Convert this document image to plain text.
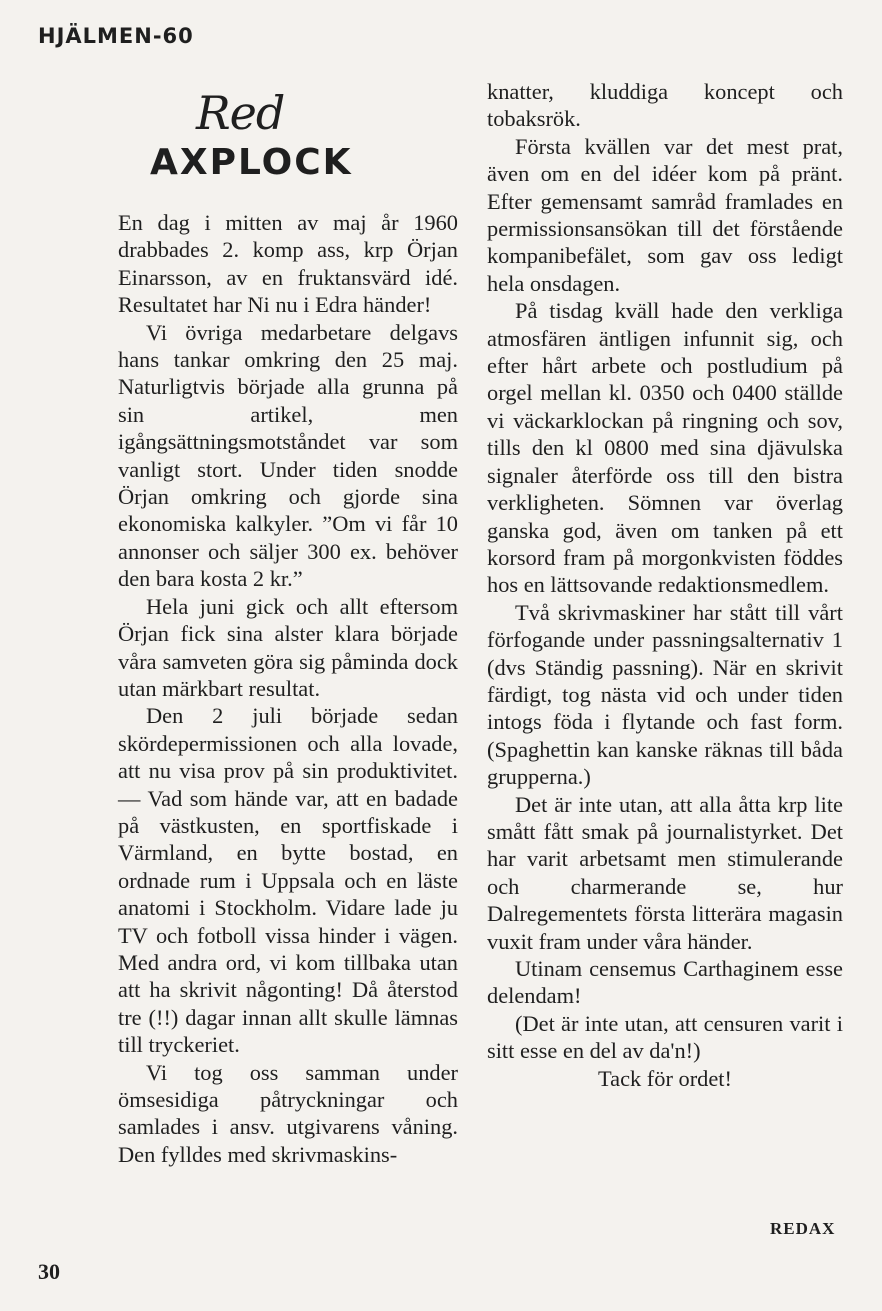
HJÄLMEN-60
Red
AXPLOCK

En dag i mitten av maj år 1960 drabbades 2. komp ass, krp Örjan Einarsson, av en fruktansvärd idé. Resultatet har Ni nu i Edra händer!

Vi övriga medarbetare delgavs hans tankar omkring den 25 maj. Naturligtvis började alla grunna på sin artikel, men igångsättningsmotståndet var som vanligt stort. Under tiden snodde Örjan omkring och gjorde sina ekonomiska kalkyler. ”Om vi får 10 annonser och säljer 300 ex. behöver den bara kosta 2 kr.”

Hela juni gick och allt eftersom Örjan fick sina alster klara började våra samveten göra sig påminda dock utan märkbart resultat.

Den 2 juli började sedan skördepermissionen och alla lovade, att nu visa prov på sin produktivitet. — Vad som hände var, att en badade på västkusten, en sportfiskade i Värmland, en bytte bostad, en ordnade rum i Uppsala och en läste anatomi i Stockholm. Vidare lade ju TV och fotboll vissa hinder i vägen. Med andra ord, vi kom tillbaka utan att ha skrivit någonting! Då återstod tre (!!) dagar innan allt skulle lämnas till tryckeriet.

Vi tog oss samman under ömsesidiga påtryckningar och samlades i ansv. utgivarens våning. Den fylldes med skrivmaskins-

knatter, kluddiga koncept och tobaksrök.

Första kvällen var det mest prat, även om en del idéer kom på pränt. Efter gemensamt samråd framlades en permissionsansökan till det förstående kompanibefälet, som gav oss ledigt hela onsdagen.

På tisdag kväll hade den verkliga atmosfären äntligen infunnit sig, och efter hårt arbete och postludium på orgel mellan kl. 0350 och 0400 ställde vi väckarklockan på ringning och sov, tills den kl 0800 med sina djävulska signaler återförde oss till den bistra verkligheten. Sömnen var överlag ganska god, även om tanken på ett korsord fram på morgonkvisten föddes hos en lättsovande redaktionsmedlem.

Två skrivmaskiner har stått till vårt förfogande under passningsalternativ 1 (dvs Ständig passning). När en skrivit färdigt, tog nästa vid och under tiden intogs föda i flytande och fast form. (Spaghettin kan kanske räknas till båda grupperna.)

Det är inte utan, att alla åtta krp lite smått fått smak på journalistyrket. Det har varit arbetsamt men stimulerande och charmerande se, hur Dalregementets första litterära magasin vuxit fram under våra händer.

Utinam censemus Carthaginem esse delendam!

(Det är inte utan, att censuren varit i sitt esse en del av da'n!)

Tack för ordet!

REDAX
30
